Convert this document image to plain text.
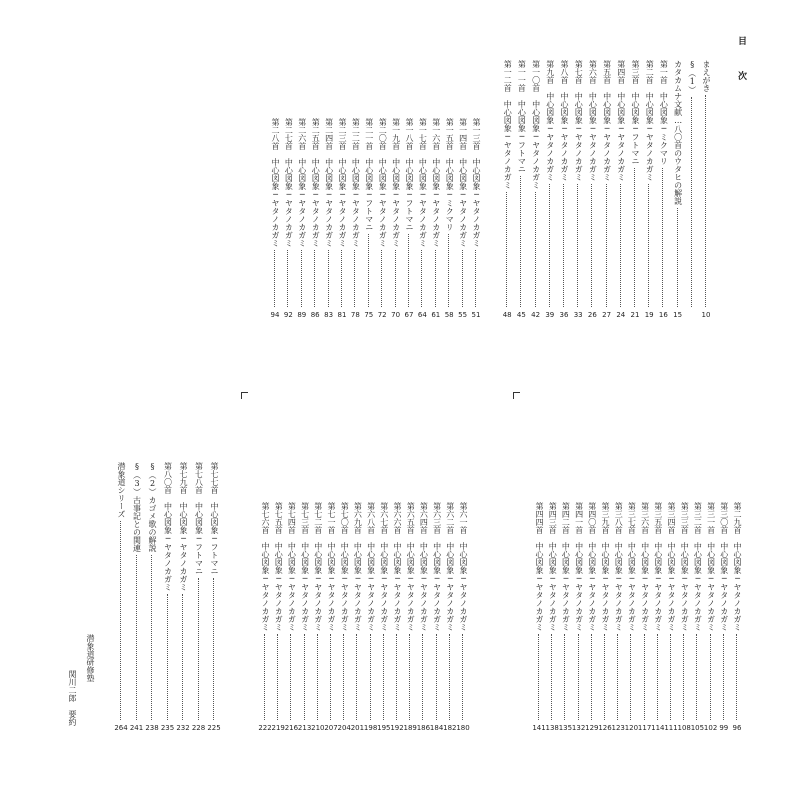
目 次
まえがき
10
§（1）
カタカムナ文献…八〇首のウタヒの解説
15
第一首　中心図象─ミクマリ
16
第二首　中心図象─ヤタノカガミ
19
第三首　中心図象─フトマニ
21
第四首　中心図象─ヤタノカガミ
24
第五首　中心図象─ヤタノカガミ
27
第六首　中心図象─ヤタノカガミ
26
第七首　中心図象─ヤタノカガミ
33
第八首　中心図象─ヤタノカガミ
36
第九首　中心図象─ヤタノカガミ
39
第一〇首　中心図象─ヤタノカガミ
42
第一一首　中心図象─フトマニ
45
第一二首　中心図象─ヤタノカガミ
48
第一三首　中心図象─ヤタノカガミ
51
第一四首　中心図象─ヤタノカガミ
55
第一五首　中心図象─ミクマリ
58
第一六首　中心図象─ヤタノカガミ
61
第一七首　中心図象─ヤタノカガミ
64
第一八首　中心図象─フトマニ
67
第一九首　中心図象─ヤタノカガミ
70
第二〇首　中心図象─ヤタノカガミ
72
第二一首　中心図象─フトマニ
75
第二二首　中心図象─ヤタノカガミ
78
第二三首　中心図象─ヤタノカガミ
81
第二四首　中心図象─ヤタノカガミ
83
第二五首　中心図象─ヤタノカガミ
86
第二六首　中心図象─ヤタノカガミ
89
第二七首　中心図象─ヤタノカガミ
92
第二八首　中心図象─ヤタノカガミ
94
第二九首　中心図象─ヤタノカガミ
96
第三〇首　中心図象─ヤタノカガミ
99
第三一首　中心図象─ヤタノカガミ
102
第三二首　中心図象─ヤタノカガミ
105
第三三首　中心図象─ヤタノカガミ
108
第三四首　中心図象─ヤタノカガミ
111
第三五首　中心図象─ヤタノカガミ
114
第三六首　中心図象─ヤタノカガミ
117
第三七首　中心図象─ヤタノカガミ
120
第三八首　中心図象─ヤタノカガミ
123
第三九首　中心図象─ヤタノカガミ
126
第四〇首　中心図象─ヤタノカガミ
129
第四一首　中心図象─ヤタノカガミ
132
第四二首　中心図象─ヤタノカガミ
135
第四三首　中心図象─ヤタノカガミ
138
第四四首　中心図象─ヤタノカガミ
141
第六一首　中心図象─ヤタノカガミ
180
第六二首　中心図象─ヤタノカガミ
182
第六三首　中心図象─ヤタノカガミ
184
第六四首　中心図象─ヤタノカガミ
186
第六五首　中心図象─ヤタノカガミ
189
第六六首　中心図象─ヤタノカガミ
192
第六七首　中心図象─ヤタノカガミ
195
第六八首　中心図象─ヤタノカガミ
198
第六九首　中心図象─ヤタノカガミ
201
第七〇首　中心図象─ヤタノカガミ
204
第七一首　中心図象─ヤタノカガミ
207
第七二首　中心図象─ヤタノカガミ
210
第七三首　中心図象─ヤタノカガミ
213
第七四首　中心図象─ヤタノカガミ
216
第七五首　中心図象─ヤタノカガミ
219
第七六首　中心図象─ヤタノカガミ
222
第七七首　中心図象─フトマニ
225
第七八首　中心図象─フトマニ
228
第七九首　中心図象─ヤタノカガミ
232
第八〇首　中心図象─ヤタノカガミ
235
§（2）カゴメ歌の解説
238
§（3）古事記との関連
241
潜象道シリーズ
264
潜象道研修塾
関川二郎　要約
